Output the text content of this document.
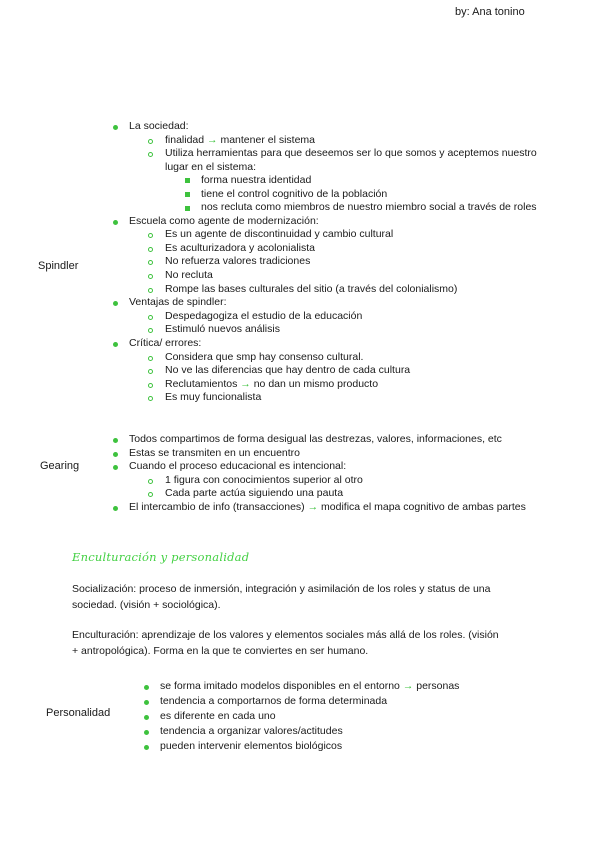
by: Ana tonino
Spindler
La sociedad:
finalidad → mantener el sistema
Utiliza herramientas para que deseemos ser lo que somos y aceptemos nuestro
lugar en el sistema:
forma nuestra identidad
tiene el control cognitivo de la población
nos recluta como miembros de nuestro miembro social a través de roles
Escuela como agente de modernización:
Es un agente de discontinuidad y cambio cultural
Es aculturizadora y acolonialista
No refuerza valores tradiciones
No recluta
Rompe las bases culturales del sitio (a través del colonialismo)
Ventajas de spindler:
Despedagogiza el estudio de la educación
Estimuló nuevos análisis
Crítica/ errores:
Considera que smp hay consenso cultural.
No ve las diferencias que hay dentro de cada cultura
Reclutamientos → no dan un mismo producto
Es muy funcionalista
Gearing
Todos compartimos de forma desigual las destrezas, valores, informaciones, etc
Estas se transmiten en un encuentro
Cuando el proceso educacional es intencional:
1 figura con conocimientos superior al otro
Cada parte actúa siguiendo una pauta
El intercambio de info (transacciones) → modifica el mapa cognitivo de ambas partes
Enculturación y personalidad
Socialización: proceso de inmersión, integración y asimilación de los roles y status de una
sociedad. (visión + sociológica).
Enculturación: aprendizaje de los valores y elementos sociales más allá de los roles. (visión
+ antropológica). Forma en la que te conviertes en ser humano.
Personalidad
se forma imitado modelos disponibles en el entorno → personas
tendencia a comportarnos de forma determinada
es diferente en cada uno
tendencia a organizar valores/actitudes
pueden intervenir elementos biológicos
